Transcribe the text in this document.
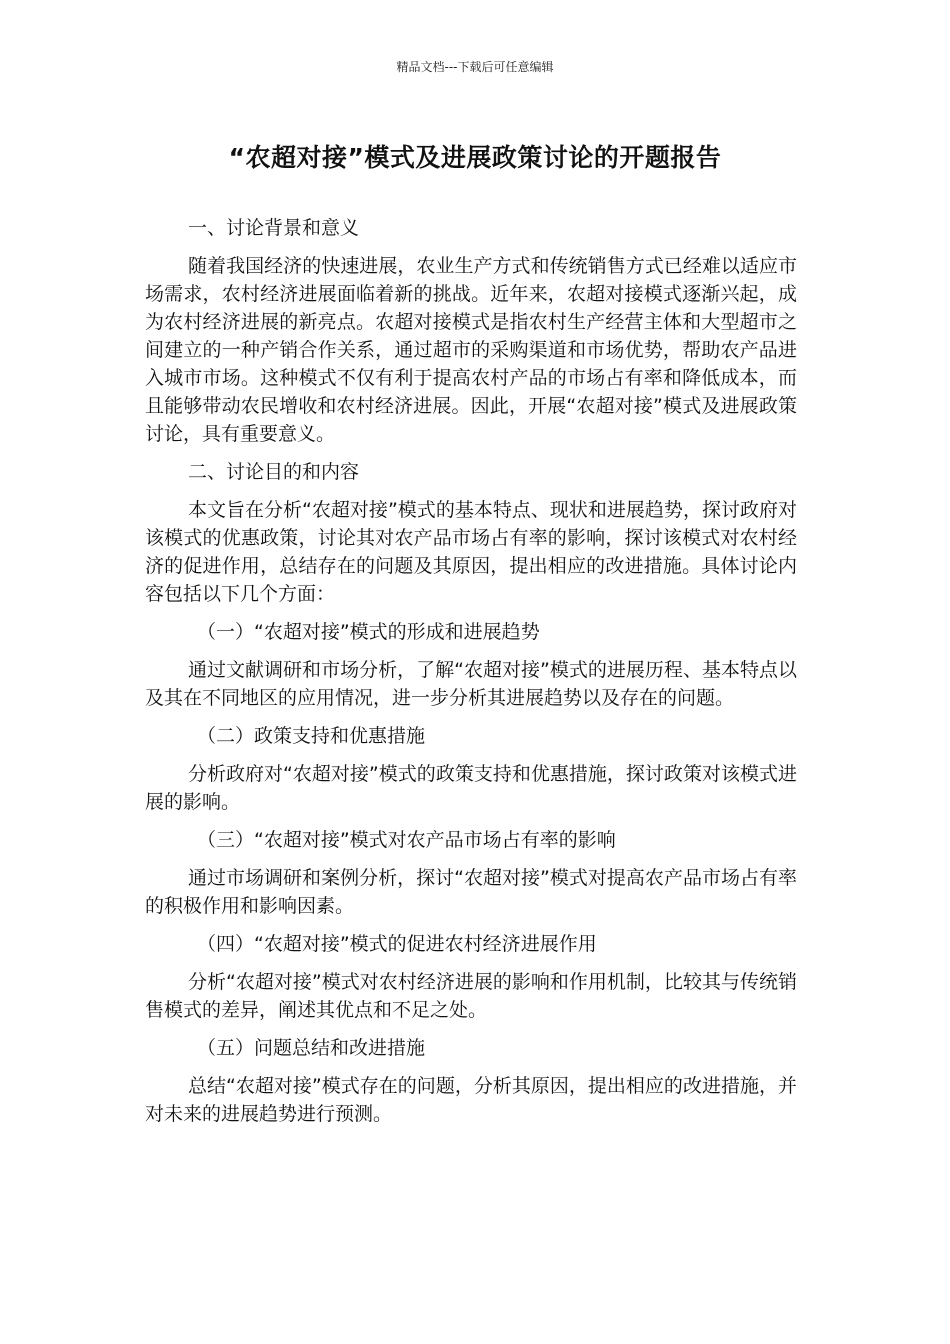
精品文档---下载后可任意编辑
“农超对接”模式及进展政策讨论的开题报告
一、讨论背景和意义
随着我国经济的快速进展，农业生产方式和传统销售方式已经难以适应市场需求，农村经济进展面临着新的挑战。近年来，农超对接模式逐渐兴起，成为农村经济进展的新亮点。农超对接模式是指农村生产经营主体和大型超市之间建立的一种产销合作关系，通过超市的采购渠道和市场优势，帮助农产品进入城市市场。这种模式不仅有利于提高农村产品的市场占有率和降低成本，而且能够带动农民增收和农村经济进展。因此，开展“农超对接”模式及进展政策讨论，具有重要意义。
二、讨论目的和内容
本文旨在分析“农超对接”模式的基本特点、现状和进展趋势，探讨政府对该模式的优惠政策，讨论其对农产品市场占有率的影响，探讨该模式对农村经济的促进作用，总结存在的问题及其原因，提出相应的改进措施。具体讨论内容包括以下几个方面：
（一）“农超对接”模式的形成和进展趋势
通过文献调研和市场分析，了解“农超对接”模式的进展历程、基本特点以及其在不同地区的应用情况，进一步分析其进展趋势以及存在的问题。
（二）政策支持和优惠措施
分析政府对“农超对接”模式的政策支持和优惠措施，探讨政策对该模式进展的影响。
（三）“农超对接”模式对农产品市场占有率的影响
通过市场调研和案例分析，探讨“农超对接”模式对提高农产品市场占有率的积极作用和影响因素。
（四）“农超对接”模式的促进农村经济进展作用
分析“农超对接”模式对农村经济进展的影响和作用机制，比较其与传统销售模式的差异，阐述其优点和不足之处。
（五）问题总结和改进措施
总结“农超对接”模式存在的问题，分析其原因，提出相应的改进措施，并对未来的进展趋势进行预测。
